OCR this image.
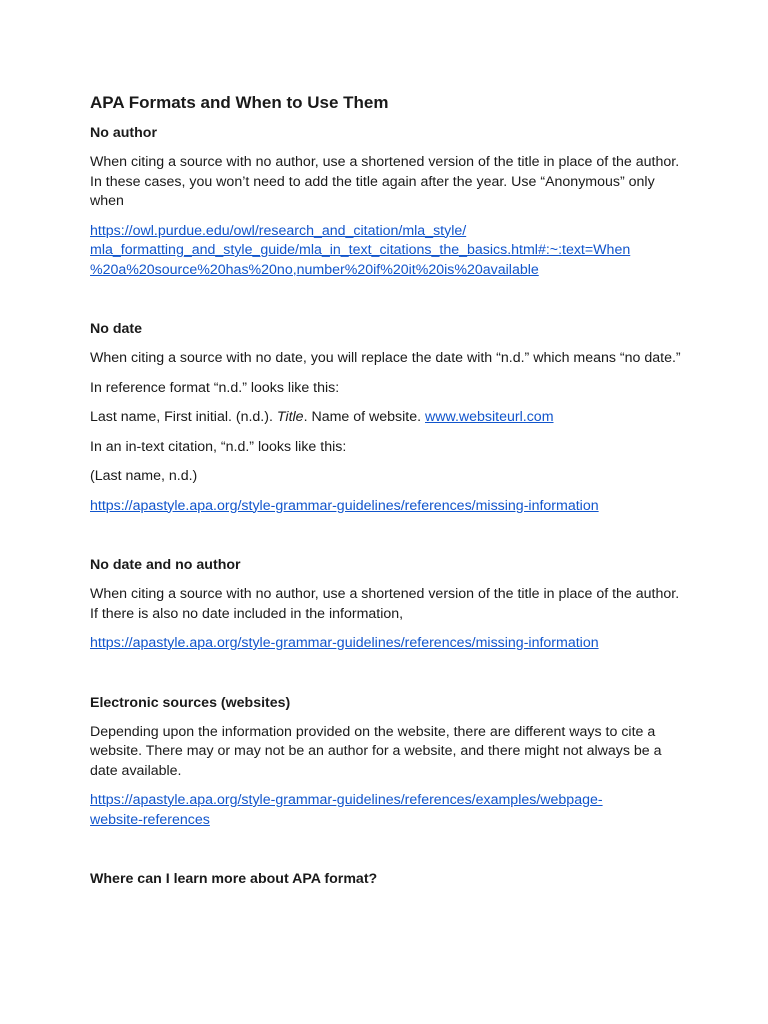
APA Formats and When to Use Them
No author

When citing a source with no author, use a shortened version of the title in place of the author. In these cases, you won’t need to add the title again after the year. Use “Anonymous” only when

https://owl.purdue.edu/owl/research_and_citation/mla_style/
mla_formatting_and_style_guide/mla_in_text_citations_the_basics.html#:~:text=When
%20a%20source%20has%20no,number%20if%20it%20is%20available
No date

When citing a source with no date, you will replace the date with “n.d.” which means “no date.”

In reference format “n.d.” looks like this:

Last name, First initial. (n.d.). Title. Name of website. www.websiteurl.com

In an in-text citation, “n.d.” looks like this:

(Last name, n.d.)

https://apastyle.apa.org/style-grammar-guidelines/references/missing-information

No date and no author

When citing a source with no author, use a shortened version of the title in place of the author. If there is also no date included in the information,

https://apastyle.apa.org/style-grammar-guidelines/references/missing-information

Electronic sources (websites)

Depending upon the information provided on the website, there are different ways to cite a website. There may or may not be an author for a website, and there might not always be a date available.

https://apastyle.apa.org/style-grammar-guidelines/references/examples/webpage-
website-references
Where can I learn more about APA format?
